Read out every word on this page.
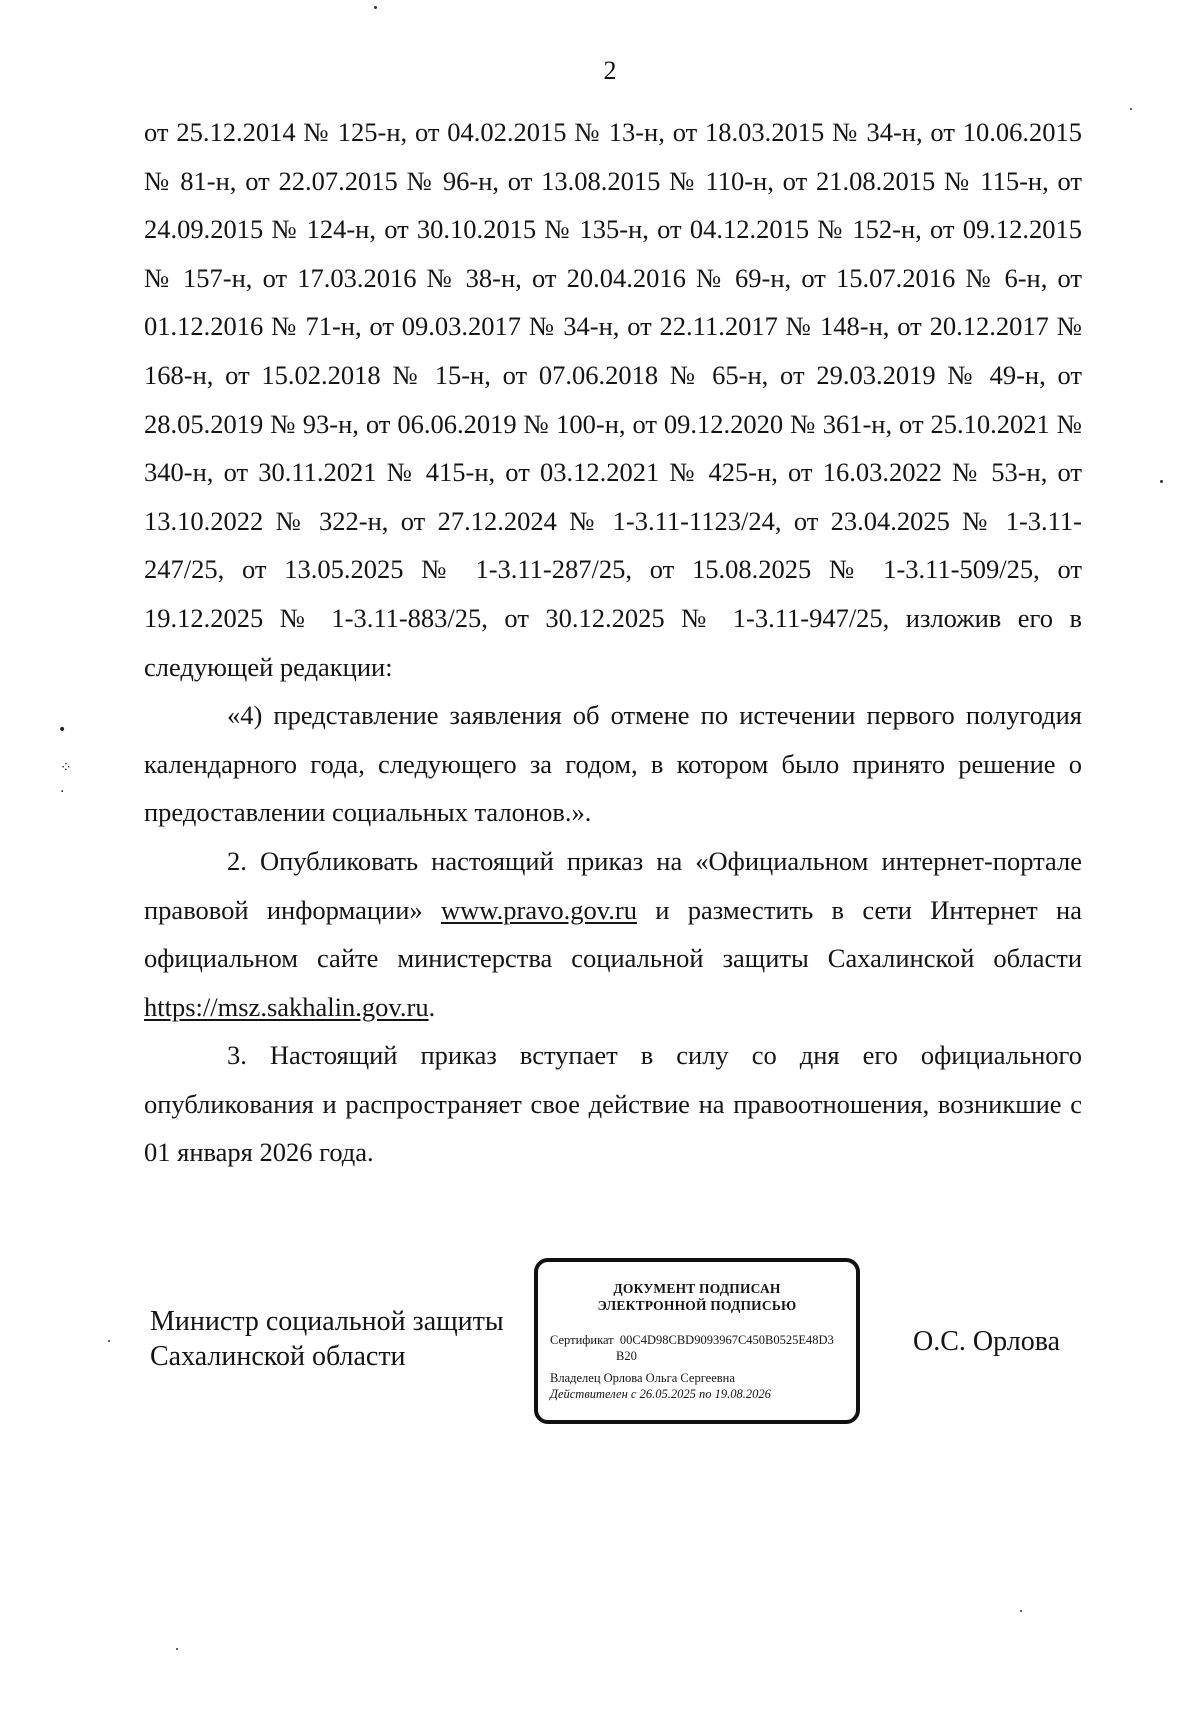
2

от 25.12.2014 № 125-н, от 04.02.2015 № 13-н, от 18.03.2015 № 34-н, от 10.06.2015 № 81-н, от 22.07.2015 № 96-н, от 13.08.2015 № 110-н, от 21.08.2015 № 115-н, от 24.09.2015 № 124-н, от 30.10.2015 № 135-н, от 04.12.2015 № 152-н, от 09.12.2015 № 157-н, от 17.03.2016 № 38-н, от 20.04.2016 № 69-н, от 15.07.2016 № 6-н, от 01.12.2016 № 71-н, от 09.03.2017 № 34-н, от 22.11.2017 № 148-н, от 20.12.2017 № 168-н, от 15.02.2018 № 15-н, от 07.06.2018 № 65-н, от 29.03.2019 № 49-н, от 28.05.2019 № 93-н, от 06.06.2019 № 100-н, от 09.12.2020 № 361-н, от 25.10.2021 № 340-н, от 30.11.2021 № 415-н, от 03.12.2021 № 425-н, от 16.03.2022 № 53-н, от 13.10.2022 № 322-н, от 27.12.2024 № 1-3.11-1123/24, от 23.04.2025 № 1-3.11-247/25, от 13.05.2025 № 1-3.11-287/25, от 15.08.2025 № 1-3.11-509/25, от 19.12.2025 № 1-3.11-883/25, от 30.12.2025 № 1-3.11-947/25, изложив его в следующей редакции:

«4) представление заявления об отмене по истечении первого полугодия календарного года, следующего за годом, в котором было принято решение о предоставлении социальных талонов.».

2. Опубликовать настоящий приказ на «Официальном интернет-портале правовой информации» www.pravo.gov.ru и разместить в сети Интернет на официальном сайте министерства социальной защиты Сахалинской области https://msz.sakhalin.gov.ru.

3. Настоящий приказ вступает в силу со дня его официального опубликования и распространяет свое действие на правоотношения, возникшие с 01 января 2026 года.

Министр социальной защиты
Сахалинской области
ДОКУМЕНТ ПОДПИСАН
ЭЛЕКТРОННОЙ ПОДПИСЬЮ
Сертификат 00C4D98CBD9093967C450B0525E48D3
B20
Владелец Орлова Ольга Сергеевна
Действителен с 26.05.2025 по 19.08.2026
О.С. Орлова
•
⁘
·
